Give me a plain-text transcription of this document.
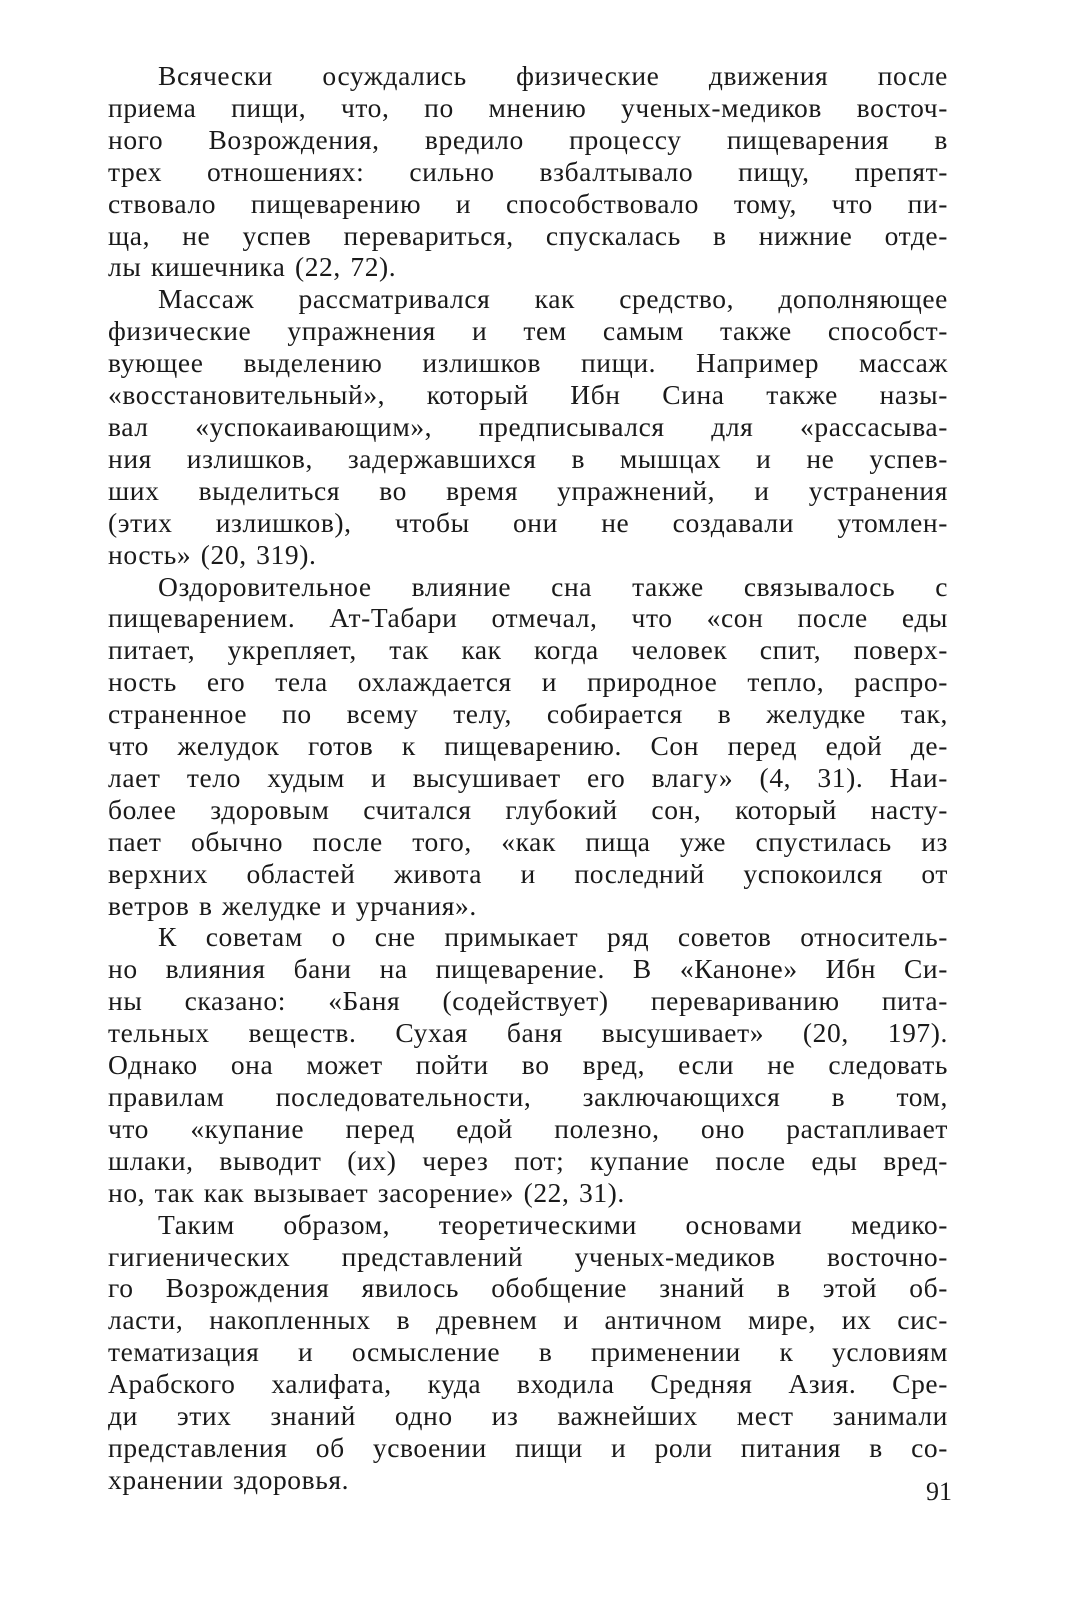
Всячески осуждались физические движения после
приема пищи, что, по мнению ученых-медиков восточ-
ного Возрождения, вредило процессу пищеварения в
трех отношениях: сильно взбалтывало пищу, препят-
ствовало пищеварению и способствовало тому, что пи-
ща, не успев перевариться, спускалась в нижние отде-
лы кишечника (22, 72).

Массаж рассматривался как средство, дополняющее
физические упражнения и тем самым также способст-
вующее выделению излишков пищи. Например массаж
«восстановительный», который Ибн Сина также назы-
вал «успокаивающим», предписывался для «рассасыва-
ния излишков, задержавшихся в мышцах и не успев-
ших выделиться во время упражнений, и устранения
(этих излишков), чтобы они не создавали утомлен-
ность» (20, 319).

Оздоровительное влияние сна также связывалось с
пищеварением. Ат-Табари отмечал, что «сон после еды
питает, укрепляет, так как когда человек спит, поверх-
ность его тела охлаждается и природное тепло, распро-
страненное по всему телу, собирается в желудке так,
что желудок готов к пищеварению. Сон перед едой де-
лает тело худым и высушивает его влагу» (4, 31). Наи-
более здоровым считался глубокий сон, который насту-
пает обычно после того, «как пища уже спустилась из
верхних областей живота и последний успокоился от
ветров в желудке и урчания».

К советам о сне примыкает ряд советов относитель-
но влияния бани на пищеварение. В «Каноне» Ибн Си-
ны сказано: «Баня (содействует) перевариванию пита-
тельных веществ. Сухая баня высушивает» (20, 197).
Однако она может пойти во вред, если не следовать
правилам последовательности, заключающихся в том,
что «купание перед едой полезно, оно растапливает
шлаки, выводит (их) через пот; купание после еды вред-
но, так как вызывает засорение» (22, 31).

Таким образом, теоретическими основами медико-
гигиенических представлений ученых-медиков восточно-
го Возрождения явилось обобщение знаний в этой об-
ласти, накопленных в древнем и античном мире, их сис-
тематизация и осмысление в применении к условиям
Арабского халифата, куда входила Средняя Азия. Сре-
ди этих знаний одно из важнейших мест занимали
представления об усвоении пищи и роли питания в со-
хранении здоровья.	91
